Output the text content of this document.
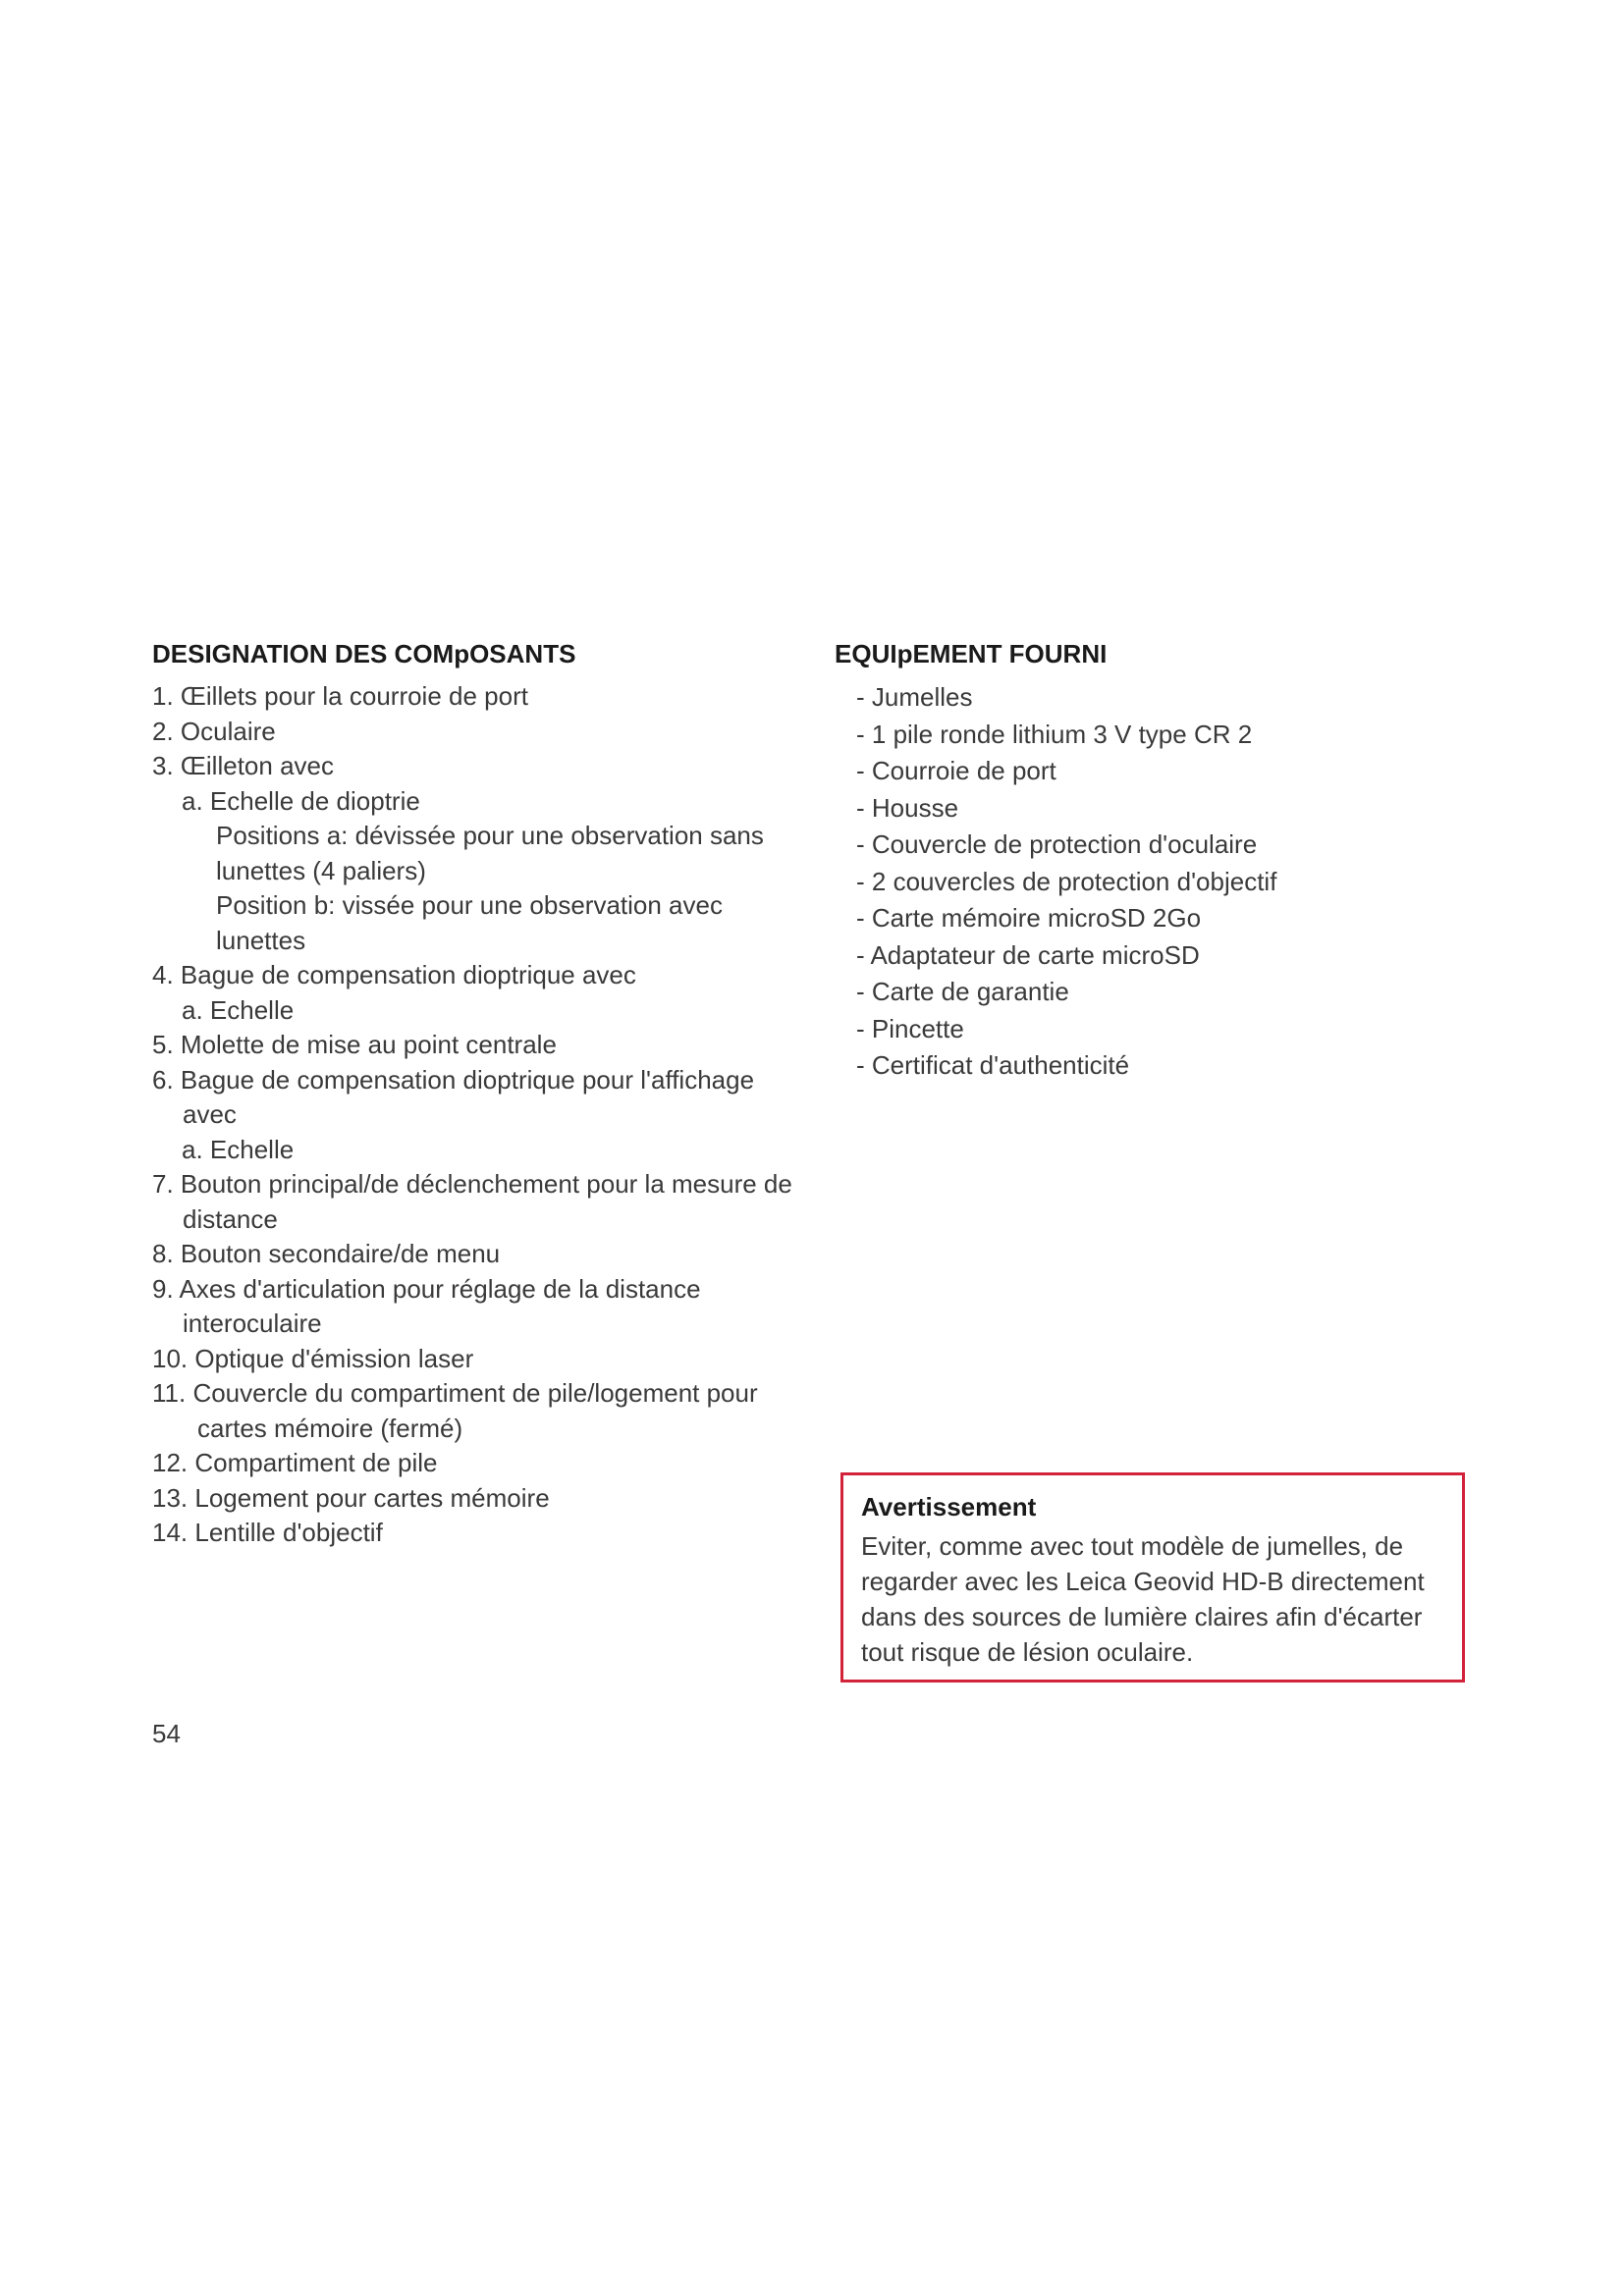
DESIGNATION DES COMpOSANTS
1. Œillets pour la courroie de port
2. Oculaire
3. Œilleton avec
a. Echelle de dioptrie
Positions a: dévissée pour une observation sans lunettes (4 paliers)
Position b: vissée pour une observation avec lunettes
4. Bague de compensation dioptrique avec
a. Echelle
5. Molette de mise au point centrale
6. Bague de compensation dioptrique pour l'affichage avec
a. Echelle
7. Bouton principal/de déclenchement pour la mesure de distance
8. Bouton secondaire/de menu
9. Axes d'articulation pour réglage de la distance interoculaire
10. Optique d'émission laser
11. Couvercle du compartiment de pile/logement pour cartes mémoire (fermé)
12. Compartiment de pile
13. Logement pour cartes mémoire
14. Lentille d'objectif
EQUIpEMENT FOURNI
- Jumelles
- 1 pile ronde lithium 3 V type CR 2
- Courroie de port
- Housse
- Couvercle de protection d'oculaire
- 2 couvercles de protection d'objectif
- Carte mémoire microSD 2Go
- Adaptateur de carte microSD
- Carte de garantie
- Pincette
- Certificat d'authenticité
Avertissement
Eviter, comme avec tout modèle de jumelles, de regarder avec les Leica Geovid HD-B directement dans des sources de lumière claires afin d'écarter tout risque de lésion oculaire.
54
